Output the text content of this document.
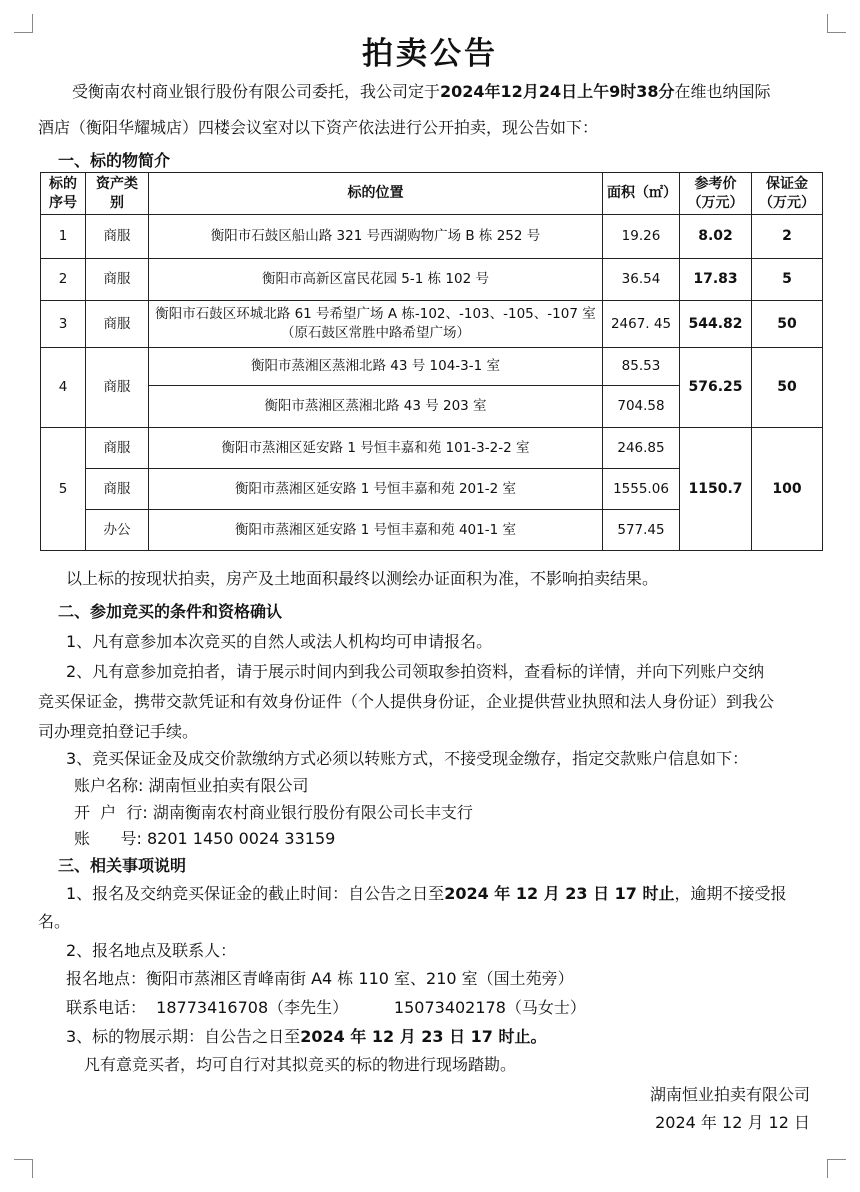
拍卖公告
受衡南农村商业银行股份有限公司委托，我公司定于2024年12月24日上午9时38分在维也纳国际
酒店（衡阳华耀城店）四楼会议室对以下资产依法进行公开拍卖，现公告如下：
一、标的物简介
标的序号	资产类别	标的位置	面积（㎡）	参考价（万元）	保证金（万元）
1	商服	衡阳市石鼓区船山路 321 号西湖购物广场 B 栋 252 号	19.26	8.02	2
2	商服	衡阳市高新区富民花园 5-1 栋 102 号	36.54	17.83	5
3	商服	衡阳市石鼓区环城北路 61 号希望广场 A 栋-102、-103、-105、-107 室（原石鼓区常胜中路希望广场）	2467. 45	544.82	50
4	商服	衡阳市蒸湘区蒸湘北路 43 号 104-3-1 室	85.53	576.25	50
		衡阳市蒸湘区蒸湘北路 43 号 203 室	704.58		
5	商服	衡阳市蒸湘区延安路 1 号恒丰嘉和苑 101-3-2-2 室	246.85	1150.7	100
	商服	衡阳市蒸湘区延安路 1 号恒丰嘉和苑 201-2 室	1555.06		
	办公	衡阳市蒸湘区延安路 1 号恒丰嘉和苑 401-1 室	577.45		
以上标的按现状拍卖，房产及土地面积最终以测绘办证面积为准，不影响拍卖结果。
二、参加竞买的条件和资格确认
1、凡有意参加本次竞买的自然人或法人机构均可申请报名。
2、凡有意参加竞拍者，请于展示时间内到我公司领取参拍资料，查看标的详情，并向下列账户交纳
竞买保证金，携带交款凭证和有效身份证件（个人提供身份证，企业提供营业执照和法人身份证）到我公
司办理竞拍登记手续。
3、竞买保证金及成交价款缴纳方式必须以转账方式，不接受现金缴存，指定交款账户信息如下：
账户名称: 湖南恒业拍卖有限公司
开  户  行: 湖南衡南农村商业银行股份有限公司长丰支行
账      号: 8201 1450 0024 33159
三、相关事项说明
1、报名及交纳竞买保证金的截止时间：自公告之日至2024 年 12 月 23 日 17 时止，逾期不接受报
名。
2、报名地点及联系人：
报名地点：衡阳市蒸湘区青峰南街 A4 栋 110 室、210 室（国土苑旁）
联系电话：  18773416708（李先生）         15073402178（马女士）
3、标的物展示期：自公告之日至2024 年 12 月 23 日 17 时止。
凡有意竞买者，均可自行对其拟竞买的标的物进行现场踏勘。
湖南恒业拍卖有限公司
2024 年 12 月 12 日
